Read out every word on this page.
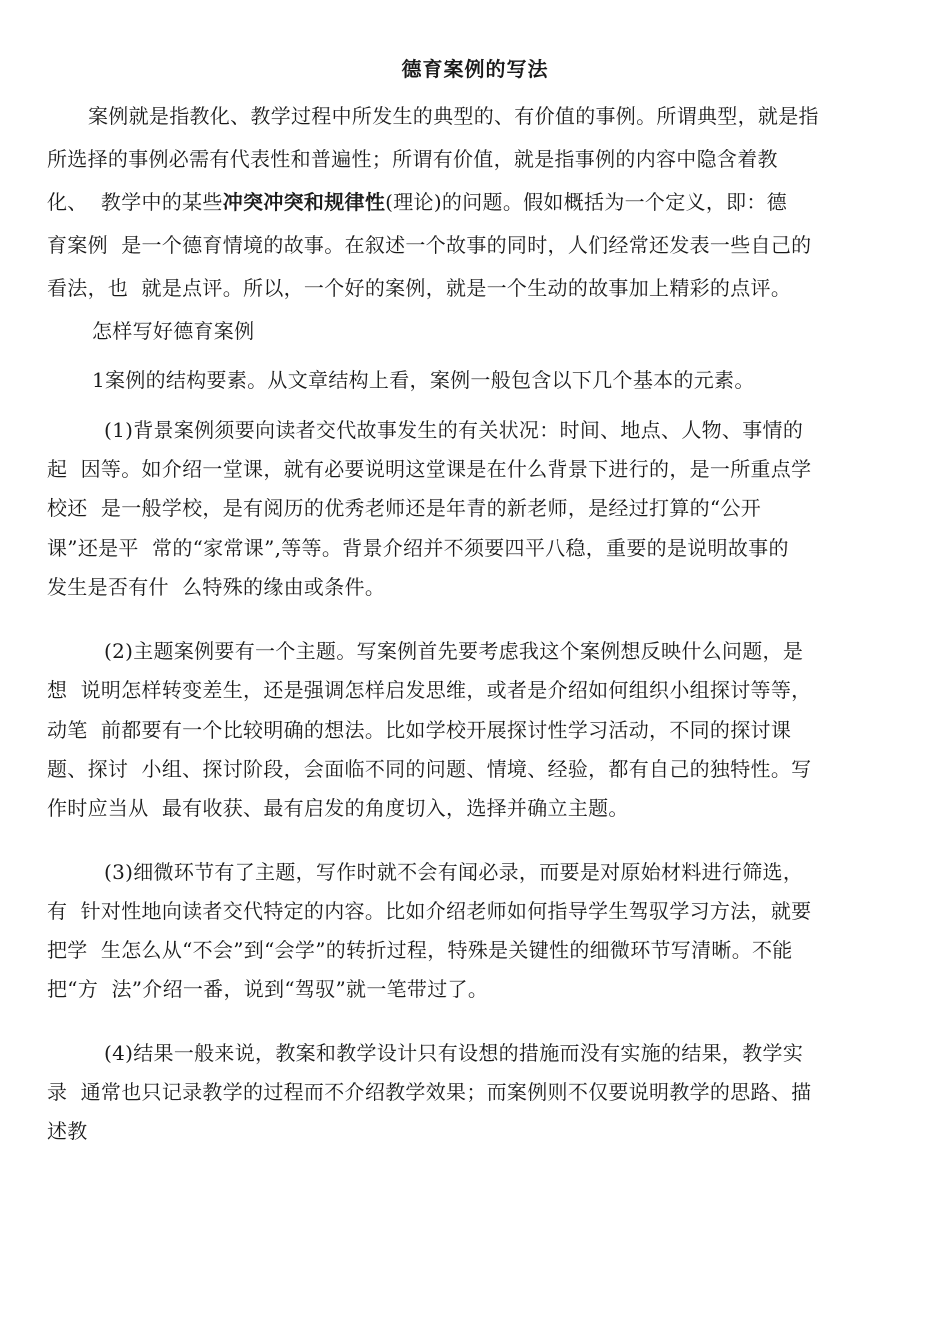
德育案例的写法
案例就是指教化、教学过程中所发生的典型的、有价值的事例。所谓典型，就是指
所选择的事例必需有代表性和普遍性；所谓有价值，就是指事例的内容中隐含着教
化、  教学中的某些冲突冲突和规律性(理论)的问题。假如概括为一个定义，即：德
育案例  是一个德育情境的故事。在叙述一个故事的同时，人们经常还发表一些自己的
看法，也  就是点评。所以，一个好的案例，就是一个生动的故事加上精彩的点评。
怎样写好德育案例
1案例的结构要素。从文章结构上看，案例一般包含以下几个基本的元素。
(1)背景案例须要向读者交代故事发生的有关状况：时间、地点、人物、事情的
起  因等。如介绍一堂课，就有必要说明这堂课是在什么背景下进行的，是一所重点学
校还  是一般学校，是有阅历的优秀老师还是年青的新老师，是经过打算的“公开
课”还是平  常的“家常课”,等等。背景介绍并不须要四平八稳，重要的是说明故事的
发生是否有什  么特殊的缘由或条件。
(2)主题案例要有一个主题。写案例首先要考虑我这个案例想反映什么问题，是
想  说明怎样转变差生，还是强调怎样启发思维，或者是介绍如何组织小组探讨等等，
动笔  前都要有一个比较明确的想法。比如学校开展探讨性学习活动，不同的探讨课
题、探讨  小组、探讨阶段，会面临不同的问题、情境、经验，都有自己的独特性。写
作时应当从  最有收获、最有启发的角度切入，选择并确立主题。
(3)细微环节有了主题，写作时就不会有闻必录，而要是对原始材料进行筛选，
有  针对性地向读者交代特定的内容。比如介绍老师如何指导学生驾驭学习方法，就要
把学  生怎么从“不会”到“会学”的转折过程，特殊是关键性的细微环节写清晰。不能
把“方  法”介绍一番，说到“驾驭”就一笔带过了。
(4)结果一般来说，教案和教学设计只有设想的措施而没有实施的结果，教学实
录  通常也只记录教学的过程而不介绍教学效果；而案例则不仅要说明教学的思路、描
述教
